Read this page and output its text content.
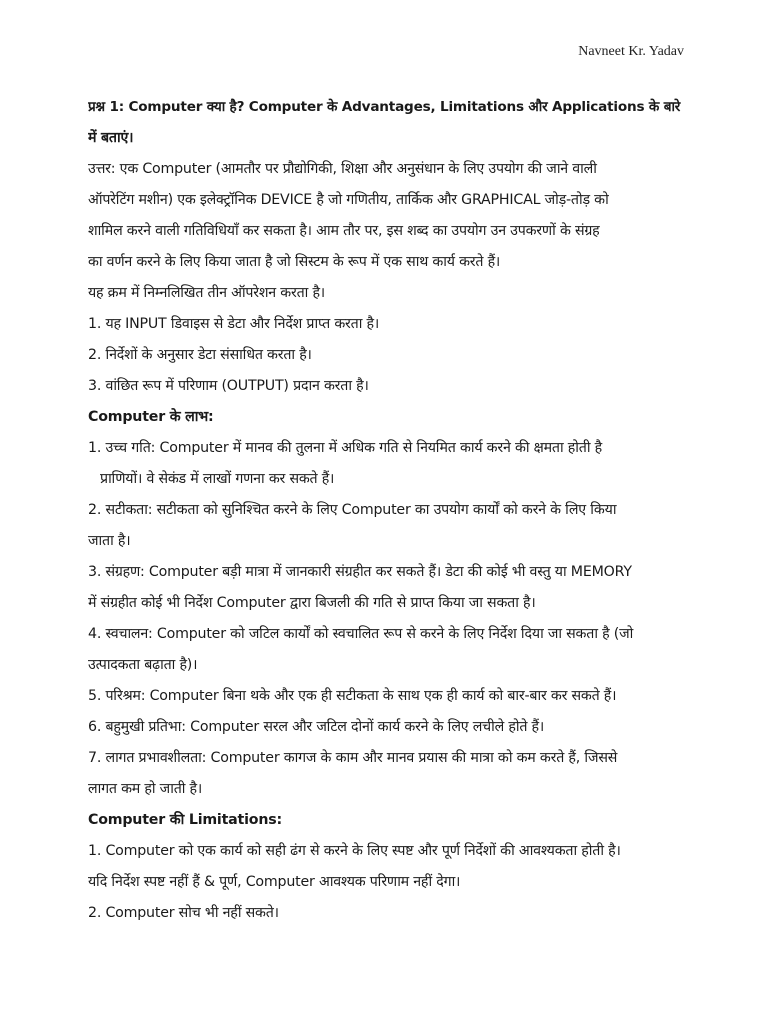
Navneet Kr. Yadav
प्रश्न 1: Computer क्या है? Computer के Advantages, Limitations और Applications के बारे
में बताएं।
उत्तर: एक Computer (आमतौर पर प्रौद्योगिकी, शिक्षा और अनुसंधान के लिए उपयोग की जाने वाली
ऑपरेटिंग मशीन) एक इलेक्ट्रॉनिक DEVICE है जो गणितीय, तार्किक और GRAPHICAL जोड़-तोड़ को
शामिल करने वाली गतिविधियाँ कर सकता है। आम तौर पर, इस शब्द का उपयोग उन उपकरणों के संग्रह
का वर्णन करने के लिए किया जाता है जो सिस्टम के रूप में एक साथ कार्य करते हैं।
यह क्रम में निम्नलिखित तीन ऑपरेशन करता है।
1. यह INPUT डिवाइस से डेटा और निर्देश प्राप्त करता है।
2. निर्देशों के अनुसार डेटा संसाधित करता है।
3. वांछित रूप में परिणाम (OUTPUT) प्रदान करता है।
Computer के लाभ:
1. उच्च गति: Computer में मानव की तुलना में अधिक गति से नियमित कार्य करने की क्षमता होती है
प्राणियों। वे सेकंड में लाखों गणना कर सकते हैं।
2. सटीकता: सटीकता को सुनिश्चित करने के लिए Computer का उपयोग कार्यों को करने के लिए किया
जाता है।
3. संग्रहण: Computer बड़ी मात्रा में जानकारी संग्रहीत कर सकते हैं। डेटा की कोई भी वस्तु या MEMORY
में संग्रहीत कोई भी निर्देश Computer द्वारा बिजली की गति से प्राप्त किया जा सकता है।
4. स्वचालन: Computer को जटिल कार्यों को स्वचालित रूप से करने के लिए निर्देश दिया जा सकता है (जो
उत्पादकता बढ़ाता है)।
5. परिश्रम: Computer बिना थके और एक ही सटीकता के साथ एक ही कार्य को बार-बार कर सकते हैं।
6. बहुमुखी प्रतिभा: Computer सरल और जटिल दोनों कार्य करने के लिए लचीले होते हैं।
7. लागत प्रभावशीलता: Computer कागज के काम और मानव प्रयास की मात्रा को कम करते हैं, जिससे
लागत कम हो जाती है।
Computer की Limitations:
1. Computer को एक कार्य को सही ढंग से करने के लिए स्पष्ट और पूर्ण निर्देशों की आवश्यकता होती है।
यदि निर्देश स्पष्ट नहीं हैं & पूर्ण, Computer आवश्यक परिणाम नहीं देगा।
2. Computer सोच भी नहीं सकते।
